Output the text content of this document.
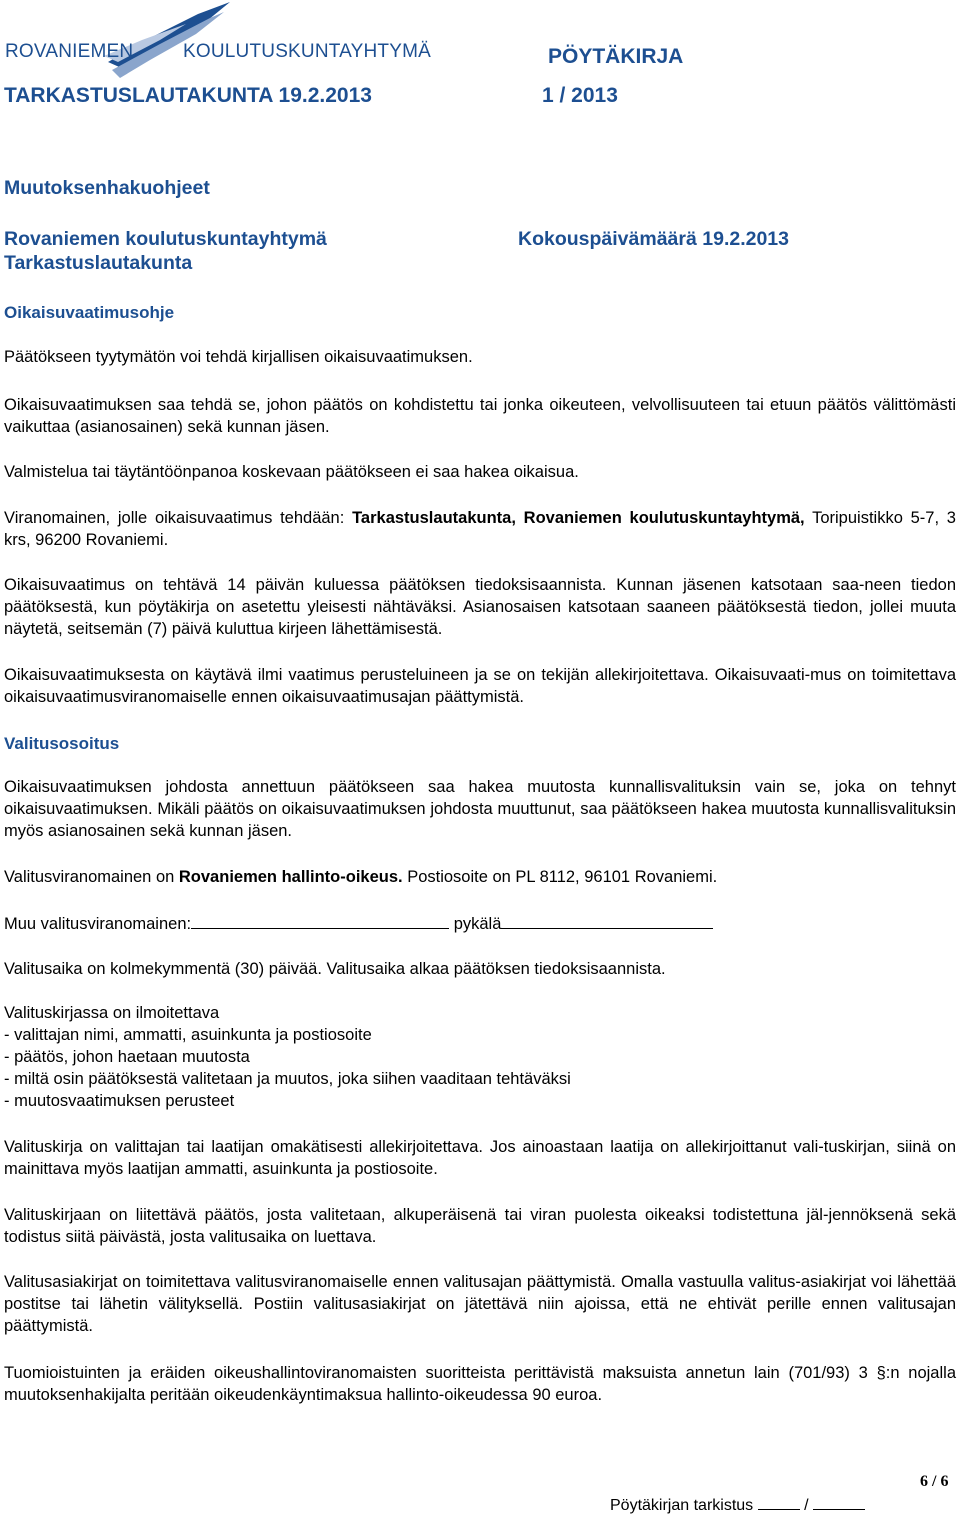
ROVANIEMEN	KOULUTUSKUNTAYHTYMÄ	PÖYTÄKIRJA
TARKASTUSLAUTAKUNTA 19.2.2013	1 / 2013
Muutoksenhakuohjeet
Rovaniemen koulutuskuntayhtymä
Tarkastuslautakunta
Kokouspäivämäärä 19.2.2013
Oikaisuvaatimusohje
Päätökseen tyytymätön voi tehdä kirjallisen oikaisuvaatimuksen.
Oikaisuvaatimuksen saa tehdä se, johon päätös on kohdistettu tai jonka oikeuteen, velvollisuuteen tai etuun päätös välittömästi vaikuttaa (asianosainen) sekä kunnan jäsen.
Valmistelua tai täytäntöönpanoa koskevaan päätökseen ei saa hakea oikaisua.
Viranomainen, jolle oikaisuvaatimus tehdään: Tarkastuslautakunta, Rovaniemen koulutuskuntayhtymä, Toripuistikko 5-7, 3 krs, 96200 Rovaniemi.
Oikaisuvaatimus on tehtävä 14 päivän kuluessa päätöksen tiedoksisaannista. Kunnan jäsenen katsotaan saa-neen tiedon päätöksestä, kun pöytäkirja on asetettu yleisesti nähtäväksi. Asianosaisen katsotaan saaneen päätöksestä tiedon, jollei muuta näytetä, seitsemän (7) päivä kuluttua kirjeen lähettämisestä.
Oikaisuvaatimuksesta on käytävä ilmi vaatimus perusteluineen ja se on tekijän allekirjoitettava. Oikaisuvaati-mus on toimitettava oikaisuvaatimusviranomaiselle ennen oikaisuvaatimusajan päättymistä.
Valitusosoitus
Oikaisuvaatimuksen johdosta annettuun päätökseen saa hakea muutosta kunnallisvalituksin vain se, joka on tehnyt oikaisuvaatimuksen. Mikäli päätös on oikaisuvaatimuksen johdosta muuttunut, saa päätökseen hakea muutosta kunnallisvalituksin myös asianosainen sekä kunnan jäsen.
Valitusviranomainen on Rovaniemen hallinto-oikeus. Postiosoite on PL 8112, 96101 Rovaniemi.
Muu valitusviranomainen:	pykälä
Valitusaika on kolmekymmentä (30) päivää. Valitusaika alkaa päätöksen tiedoksisaannista.
Valituskirjassa on ilmoitettava
- valittajan nimi, ammatti, asuinkunta ja postiosoite
- päätös, johon haetaan muutosta
- miltä osin päätöksestä valitetaan ja muutos, joka siihen vaaditaan tehtäväksi
- muutosvaatimuksen perusteet
Valituskirja on valittajan tai laatijan omakätisesti allekirjoitettava. Jos ainoastaan laatija on allekirjoittanut vali-tuskirjan, siinä on mainittava myös laatijan ammatti, asuinkunta ja postiosoite.
Valituskirjaan on liitettävä päätös, josta valitetaan, alkuperäisenä tai viran puolesta oikeaksi todistettuna jäl-jennöksenä sekä todistus siitä päivästä, josta valitusaika on luettava.
Valitusasiakirjat on toimitettava valitusviranomaiselle ennen valitusajan päättymistä. Omalla vastuulla valitus-asiakirjat voi lähettää postitse tai lähetin välityksellä. Postiin valitusasiakirjat on jätettävä niin ajoissa, että ne ehtivät perille ennen valitusajan päättymistä.
Tuomioistuinten ja eräiden oikeushallintoviranomaisten suoritteista perittävistä maksuista annetun lain (701/93) 3 §:n nojalla muutoksenhakijalta peritään oikeudenkäyntimaksua hallinto-oikeudessa 90 euroa.
6 / 6
Pöytäkirjan tarkistus	/
